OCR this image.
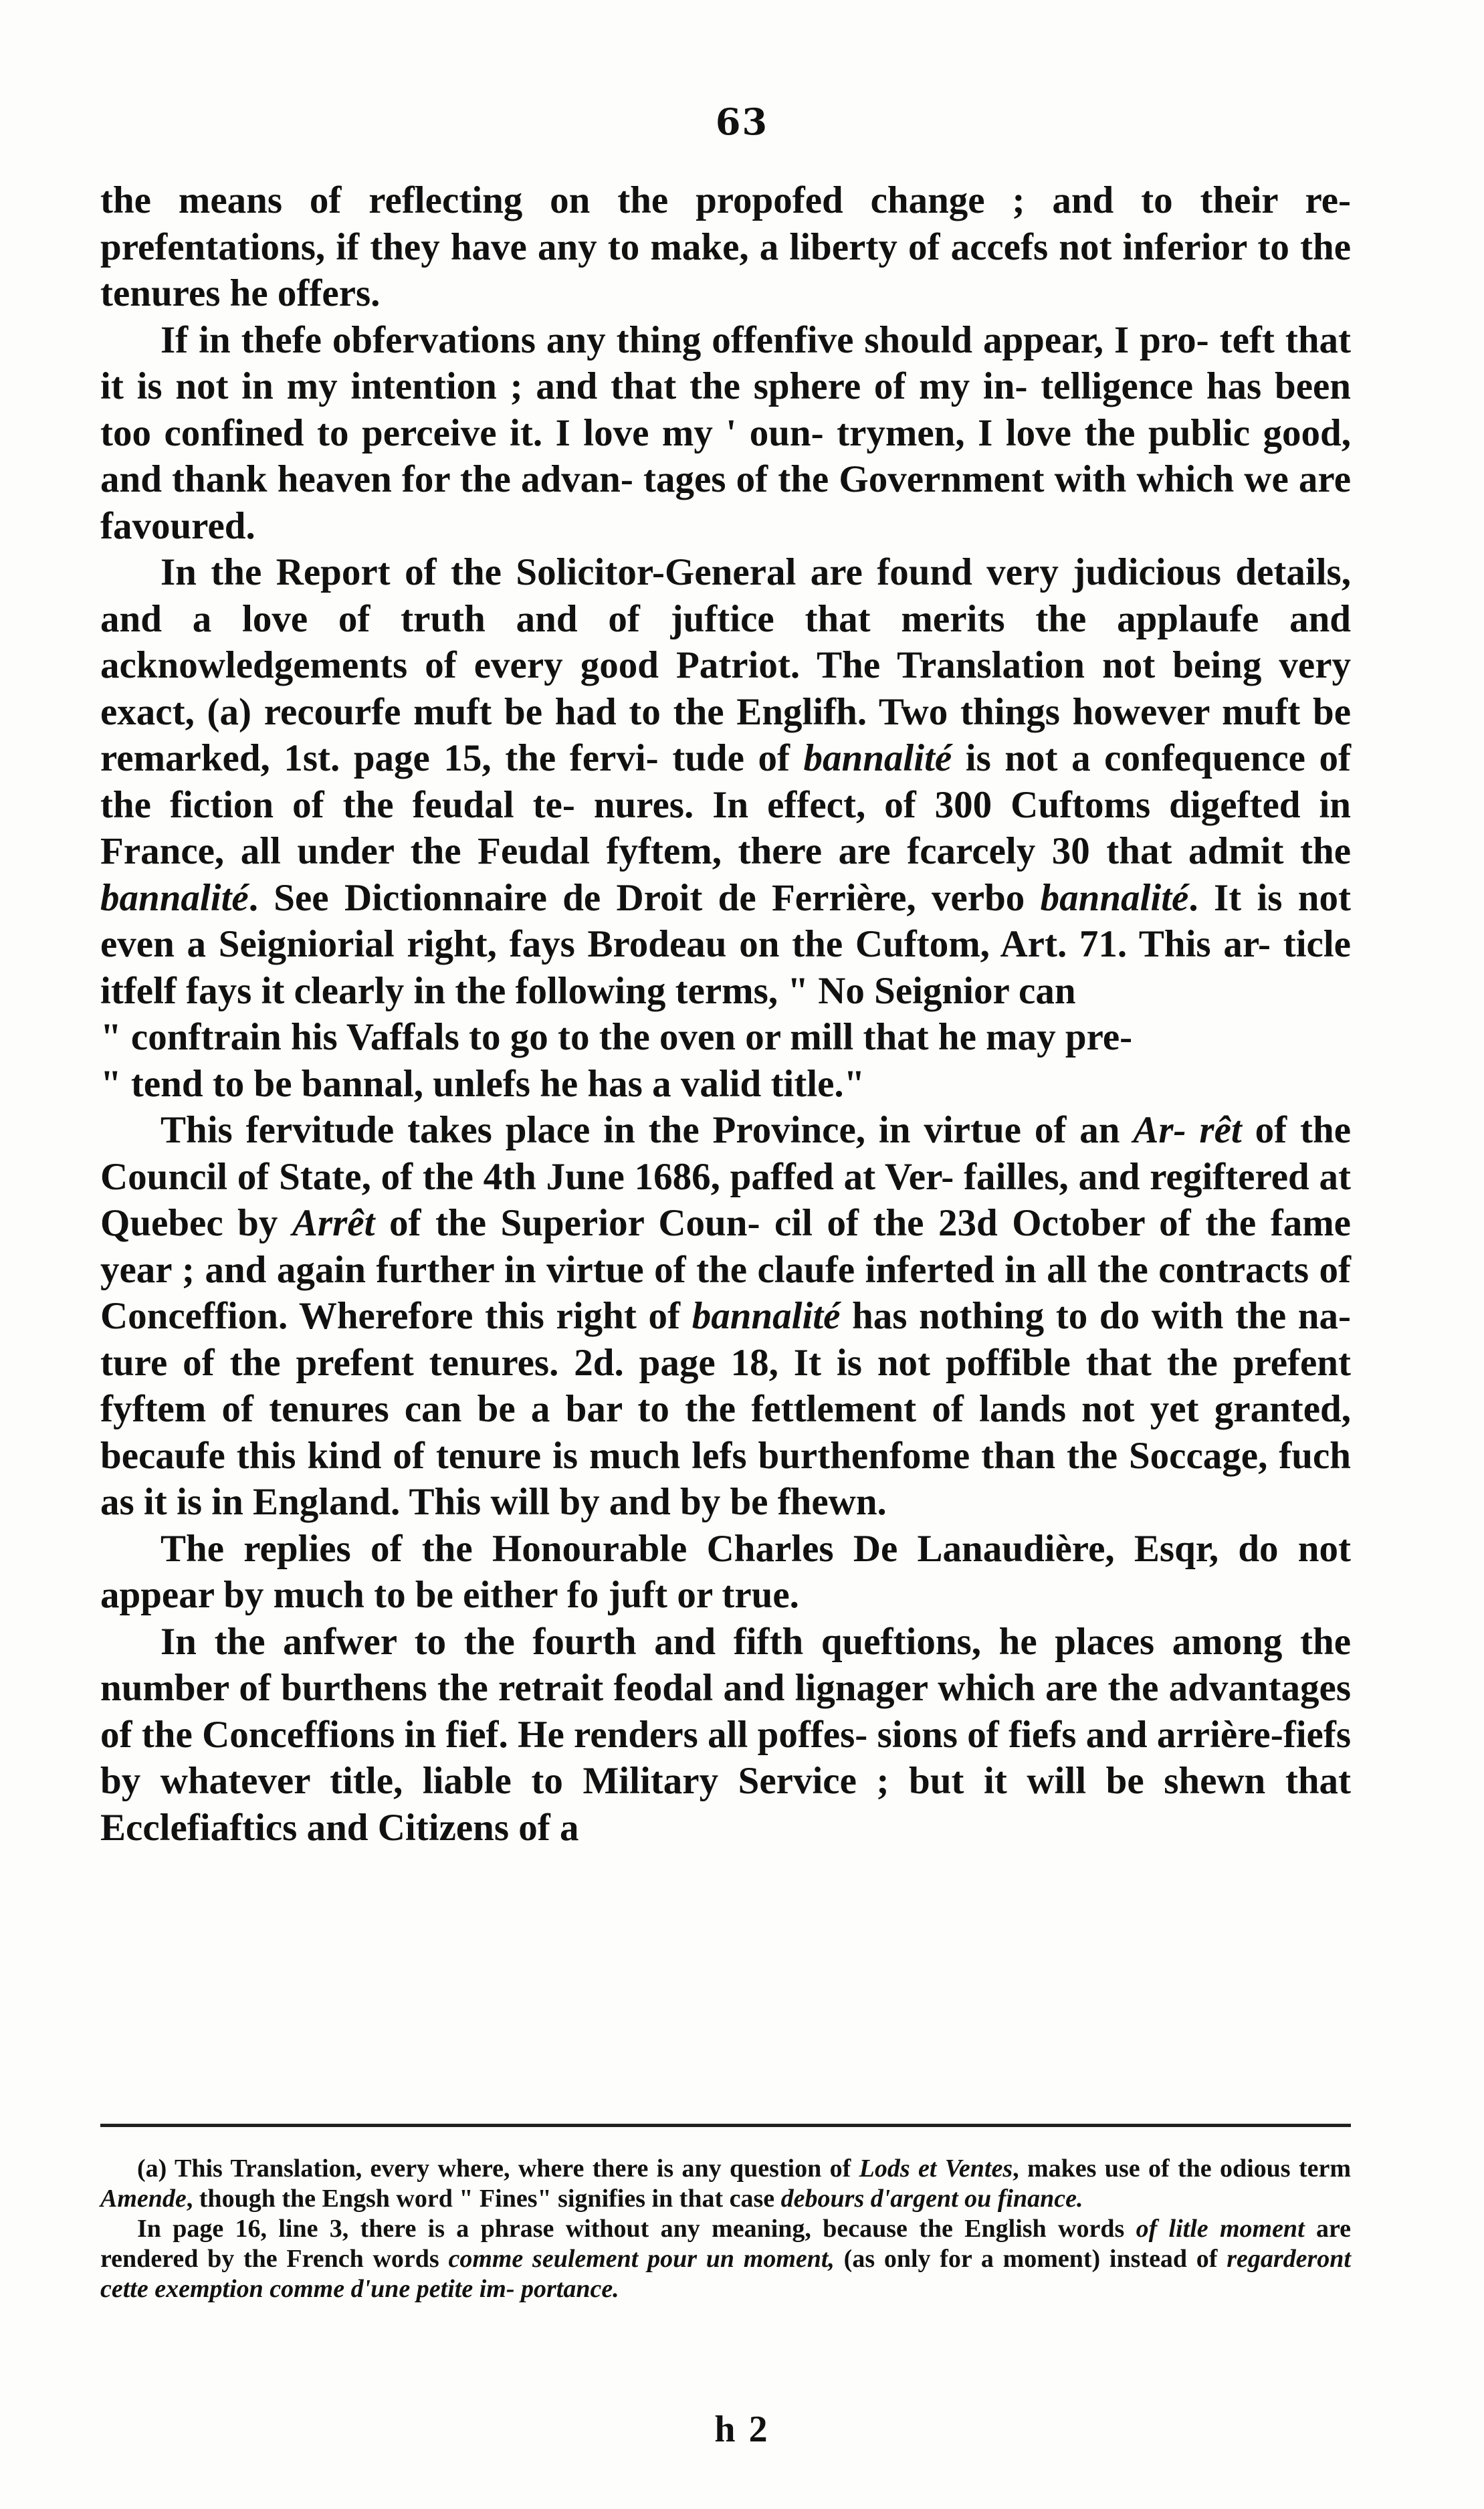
63

the means of reflecting on the propofed change ; and to their re- prefentations, if they have any to make, a liberty of accefs not inferior to the tenures he offers.

If in thefe obfervations any thing offenfive should appear, I pro- teft that it is not in my intention ; and that the sphere of my in- telligence has been too confined to perceive it. I love my ' oun- trymen, I love the public good, and thank heaven for the advan- tages of the Government with which we are favoured.

In the Report of the Solicitor-General are found very judicious details, and a love of truth and of juftice that merits the applaufe and acknowledgements of every good Patriot. The Translation not being very exact, (a) recourfe muft be had to the Englifh. Two things however muft be remarked, 1st. page 15, the fervi- tude of bannalité is not a confequence of the fiction of the feudal te- nures. In effect, of 300 Cuftoms digefted in France, all under the Feudal fyftem, there are fcarcely 30 that admit the bannalité. See Dictionnaire de Droit de Ferrière, verbo bannalité. It is not even a Seigniorial right, fays Brodeau on the Cuftom, Art. 71. This ar- ticle itfelf fays it clearly in the following terms, " No Seignior can

" conftrain his Vaffals to go to the oven or mill that he may pre-

" tend to be bannal, unlefs he has a valid title."

This fervitude takes place in the Province, in virtue of an Ar- rêt of the Council of State, of the 4th June 1686, paffed at Ver- failles, and regiftered at Quebec by Arrêt of the Superior Coun- cil of the 23d October of the fame year ; and again further in virtue of the claufe inferted in all the contracts of Conceffion. Wherefore this right of bannalité has nothing to do with the na- ture of the prefent tenures. 2d. page 18, It is not poffible that the prefent fyftem of tenures can be a bar to the fettlement of lands not yet granted, becaufe this kind of tenure is much lefs burthenfome than the Soccage, fuch as it is in England. This will by and by be fhewn.

The replies of the Honourable Charles De Lanaudière, Esqr, do not appear by much to be either fo juft or true.

In the anfwer to the fourth and fifth queftions, he places among the number of burthens the retrait feodal and lignager which are the advantages of the Conceffions in fief. He renders all poffes- sions of fiefs and arrière-fiefs by whatever title, liable to Military Service ; but it will be shewn that Ecclefiaftics and Citizens of a

(a) This Translation, every where, where there is any question of Lods et Ventes, makes use of the odious term Amende, though the Engsh word " Fines" signifies in that case debours d'argent ou finance.

In page 16, line 3, there is a phrase without any meaning, because the English words of litle moment are rendered by the French words comme seulement pour un moment, (as only for a moment) instead of regarderont cette exemption comme d'une petite im- portance.

h 2
